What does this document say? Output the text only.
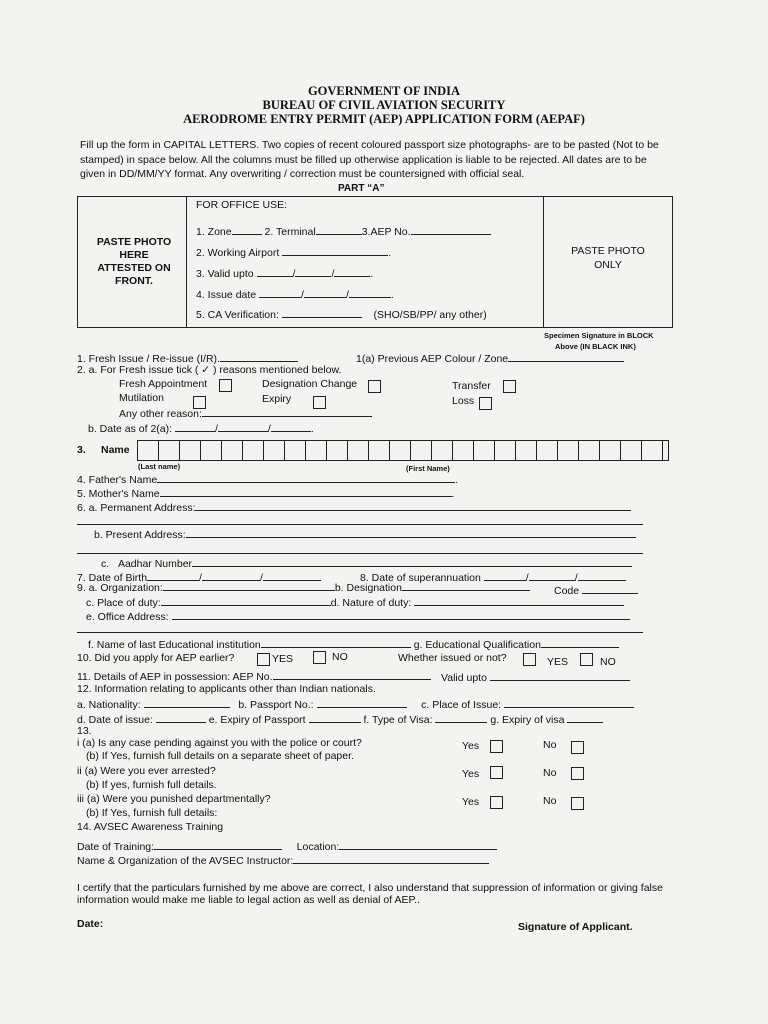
GOVERNMENT OF INDIA
BUREAU OF CIVIL AVIATION SECURITY
AERODROME ENTRY PERMIT (AEP) APPLICATION FORM (AEPAF)
Fill up the form in CAPITAL LETTERS. Two copies of recent coloured passport size photographs- are to be pasted (Not to be stamped) in space below. All the columns must be filled up otherwise application is liable to be rejected. All dates are to be given in DD/MM/YY format. Any overwriting / correction must be countersigned with official seal.
PART “A”
PASTE PHOTO HERE ATTESTED ON FRONT.
PASTE PHOTO ONLY
FOR OFFICE USE:
1. Zone	2. Terminal	3.AEP No.
2. Working Airport	.
3. Valid upto	/	/	.
4. Issue date	/	/	.
5. CA Verification:	(SHO/SB/PP/ any other)
Specimen Signature in BLOCK
Above (IN BLACK INK)
1. Fresh Issue / Re-issue (I/R).	1(a) Previous AEP Colour / Zone
2. a. For Fresh issue tick ( ✓ ) reasons mentioned below.
Fresh Appointment	Designation Change	Transfer
Mutilation	Expiry	Loss
Any other reason:
b. Date as of 2(a):	/	/	.
3. Name
(Last name)	(First Name)
4. Father's Name	.
5. Mother's Name	.
6. a. Permanent Address:
b. Present Address:
c. Aadhar Number
7. Date of Birth	/	/	8. Date of superannuation	/	/
9. a. Organization:	b. Designation	Code
c. Place of duty:	d. Nature of duty:
e. Office Address:
f. Name of last Educational institution	g. Educational Qualification
10. Did you apply for AEP earlier?	YES	NO	Whether issued or not?	YES	NO
11. Details of AEP in possession: AEP No.	Valid upto
12. Information relating to applicants other than Indian nationals.
a. Nationality:	b. Passport No.:	c. Place of Issue:
d. Date of issue:	e. Expiry of Passport	f. Type of Visa:	g. Expiry of visa
13.
i (a) Is any case pending against you with the police or court?
(b) If Yes, furnish full details on a separate sheet of paper.
Yes	No
ii (a) Were you ever arrested?
(b) If yes, furnish full details.
Yes	No
iii (a) Were you punished departmentally?
(b) If Yes, furnish full details:
Yes	No
14. AVSEC Awareness Training
Date of Training:	Location:
Name & Organization of the AVSEC Instructor:
I certify that the particulars furnished by me above are correct, I also understand that suppression of information or giving false information would make me liable to legal action as well as denial of AEP..
Date:	Signature of Applicant.
